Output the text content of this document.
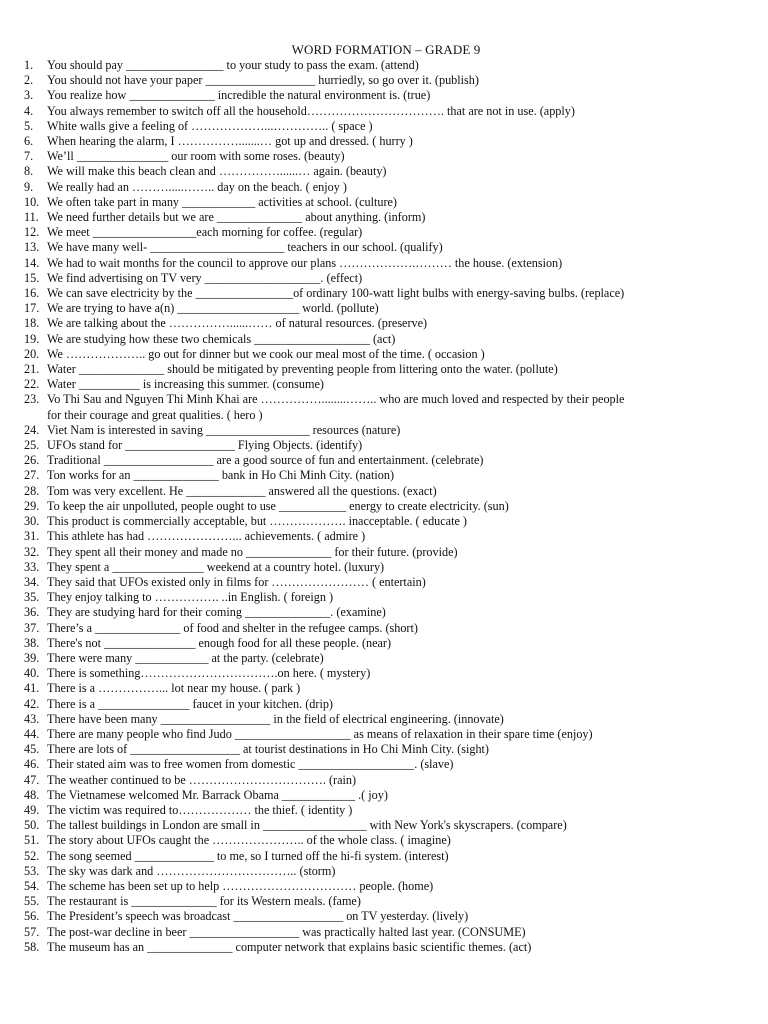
WORD FORMATION – GRADE 9
1.	You should pay ________________ to your study to pass the exam. (attend)
2.	You should not have your paper __________________ hurriedly, so go over it. (publish)
3.	You realize how ______________ incredible the natural environment is. (true)
4.	You always remember to switch off all the household……………………………. that are not in use. (apply)
5.	White walls give a feeling of ………………...………….. ( space )
6.	When hearing the alarm, I …………….......… got up and dressed. ( hurry )
7.	We’ll _______________ our room with some roses. (beauty)
8.	We will make this beach clean and ……………......… again. (beauty)
9.	We really had an ……….....…….. day on the beach. ( enjoy )
10. We often take part in many ____________ activities at school. (culture)
11. We need further details but we are ______________ about anything. (inform)
12. We meet _________________each morning for coffee. (regular)
13. We have many well- ______________________ teachers in our school. (qualify)
14. We had to wait months for the council to approve our plans ……………….……… the house. (extension)
15. We find advertising on TV very ___________________. (effect)
16. We can save electricity by the ________________of ordinary 100-watt light bulbs with energy-saving bulbs. (replace)
17. We are trying to have a(n) ____________________ world. (pollute)
18. We are talking about the ……………......…… of natural resources. (preserve)
19. We are studying how these two chemicals ___________________ (act)
20. We ……………….. go out for dinner but we cook our meal most of the time. ( occasion )
21. Water ______________ should be mitigated by preventing people from littering onto the water. (pollute)
22. Water __________ is increasing this summer. (consume)
23. Vo Thi Sau and Nguyen Thi Minh Khai are ……………........…….. who are much loved and respected by their people
for their courage and great qualities. ( hero )
24. Viet Nam is interested in saving _________________ resources (nature)
25. UFOs stand for __________________ Flying Objects. (identify)
26. Traditional __________________ are a good source of fun and entertainment. (celebrate)
27. Ton works for an ______________ bank in Ho Chi Minh City. (nation)
28. Tom was very excellent. He _____________ answered all the questions. (exact)
29. To keep the air unpolluted, people ought to use ___________ energy to create electricity. (sun)
30. This product is commercially acceptable, but ………………. inacceptable. ( educate )
31. This athlete has had …………………... achievements. ( admire )
32. They spent all their money and made no ______________ for their future. (provide)
33. They spent a _______________ weekend at a country hotel. (luxury)
34. They said that UFOs existed only in films for …………………… ( entertain)
35. They enjoy talking to ……………. ..in English. ( foreign )
36. They are studying hard for their coming ______________. (examine)
37. There’s a ______________ of food and shelter in the refugee camps. (short)
38. There's not _______________ enough food for all these people. (near)
39. There were many ____________ at the party. (celebrate)
40. There is something…………………………….on here. ( mystery)
41. There is a ……………... lot near my house. ( park )
42. There is a _______________ faucet in your kitchen. (drip)
43. There have been many __________________ in the field of electrical engineering. (innovate)
44. There are many people who find Judo ___________________ as means of relaxation in their spare time (enjoy)
45. There are lots of __________________ at tourist destinations in Ho Chi Minh City. (sight)
46. Their stated aim was to free women from domestic ___________________. (slave)
47. The weather continued to be ……………………………. (rain)
48. The Vietnamese welcomed Mr. Barrack Obama ____________ .( joy)
49. The victim was required to……………… the thief. ( identity )
50. The tallest buildings in London are small in _________________ with New York's skyscrapers. (compare)
51. The story about UFOs caught the ………………….. of the whole class. ( imagine)
52. The song seemed _____________ to me, so I turned off the hi-fi system. (interest)
53. The sky was dark and …………………………….. (storm)
54. The scheme has been set up to help …………………………… people. (home)
55. The restaurant is ______________ for its Western meals. (fame)
56. The President’s speech was broadcast __________________ on TV yesterday. (lively)
57. The post-war decline in beer __________________ was practically halted last year. (CONSUME)
58. The museum has an ______________ computer network that explains basic scientific themes. (act)
